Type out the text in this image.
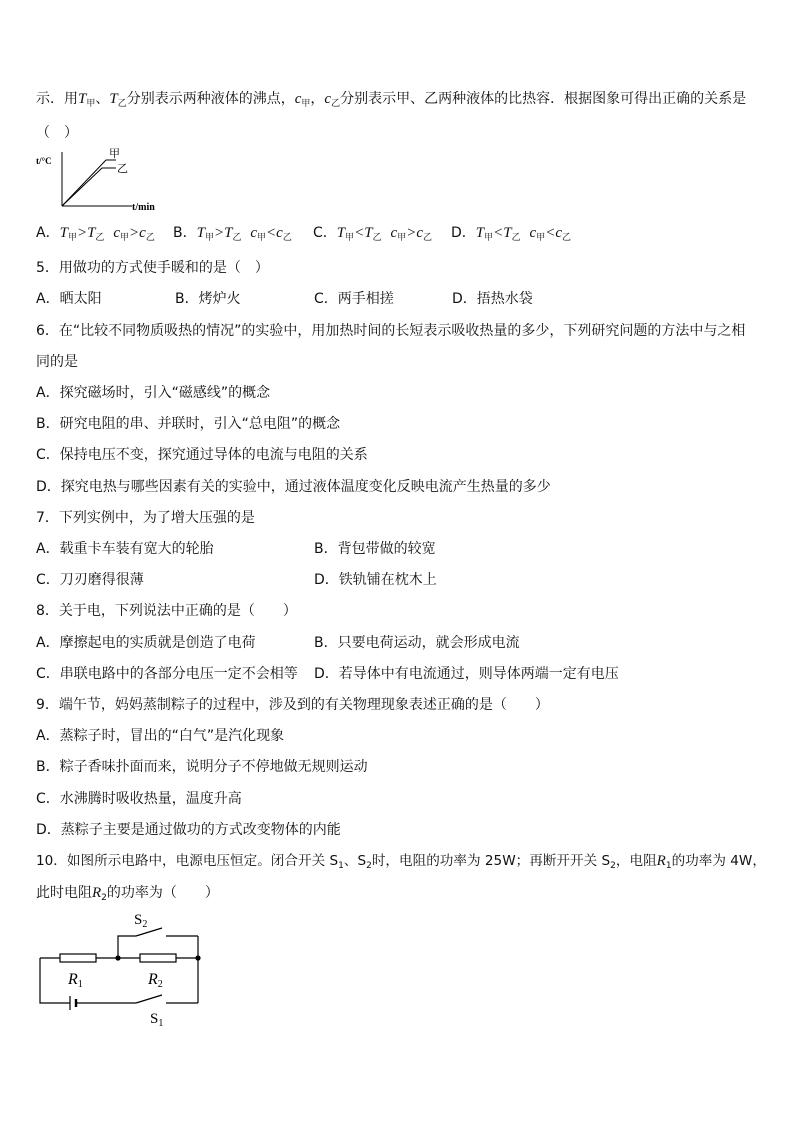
示．用$T_甲$、$T_乙$分别表示两种液体的沸点，$c_甲$，$c_乙$分别表示甲、乙两种液体的比热容．根据图象可得出正确的关系是
（　）
t/°C
t/min
甲
乙
A．$T_甲>T_乙$ $c_甲>c_乙$ B．$T_甲>T_乙$ $c_甲<c_乙$ C．$T_甲<T_乙$ $c_甲>c_乙$ D．$T_甲<T_乙$ $c_甲<c_乙$
5．用做功的方式使手暖和的是（　）
A．晒太阳	B．烤炉火	C．两手相搓	D．捂热水袋
6．在“比较不同物质吸热的情况”的实验中，用加热时间的长短表示吸收热量的多少，下列研究问题的方法中与之相
同的是
A．探究磁场时，引入“磁感线”的概念
B．研究电阻的串、并联时，引入“总电阻”的概念
C．保持电压不变，探究通过导体的电流与电阻的关系
D．探究电热与哪些因素有关的实验中，通过液体温度变化反映电流产生热量的多少
7．下列实例中，为了增大压强的是
A．载重卡车装有宽大的轮胎	B．背包带做的较宽
C．刀刃磨得很薄	D．铁轨铺在枕木上
8．关于电，下列说法中正确的是（　　）
A．摩擦起电的实质就是创造了电荷	B．只要电荷运动，就会形成电流
C．串联电路中的各部分电压一定不会相等 D．若导体中有电流通过，则导体两端一定有电压
9．端午节，妈妈蒸制粽子的过程中，涉及到的有关物理现象表述正确的是（　　）
A．蒸粽子时，冒出的“白气”是汽化现象
B．粽子香味扑面而来，说明分子不停地做无规则运动
C．水沸腾时吸收热量，温度升高
D．蒸粽子主要是通过做功的方式改变物体的内能
10．如图所示电路中，电源电压恒定。闭合开关 $S_1$、$S_2$时，电阻的功率为 25W；再断开开关 $S_2$，电阻$R_1$的功率为 4W，
此时电阻$R_2$的功率为（　　）
$S_2$
R1	R2
$S_1$
